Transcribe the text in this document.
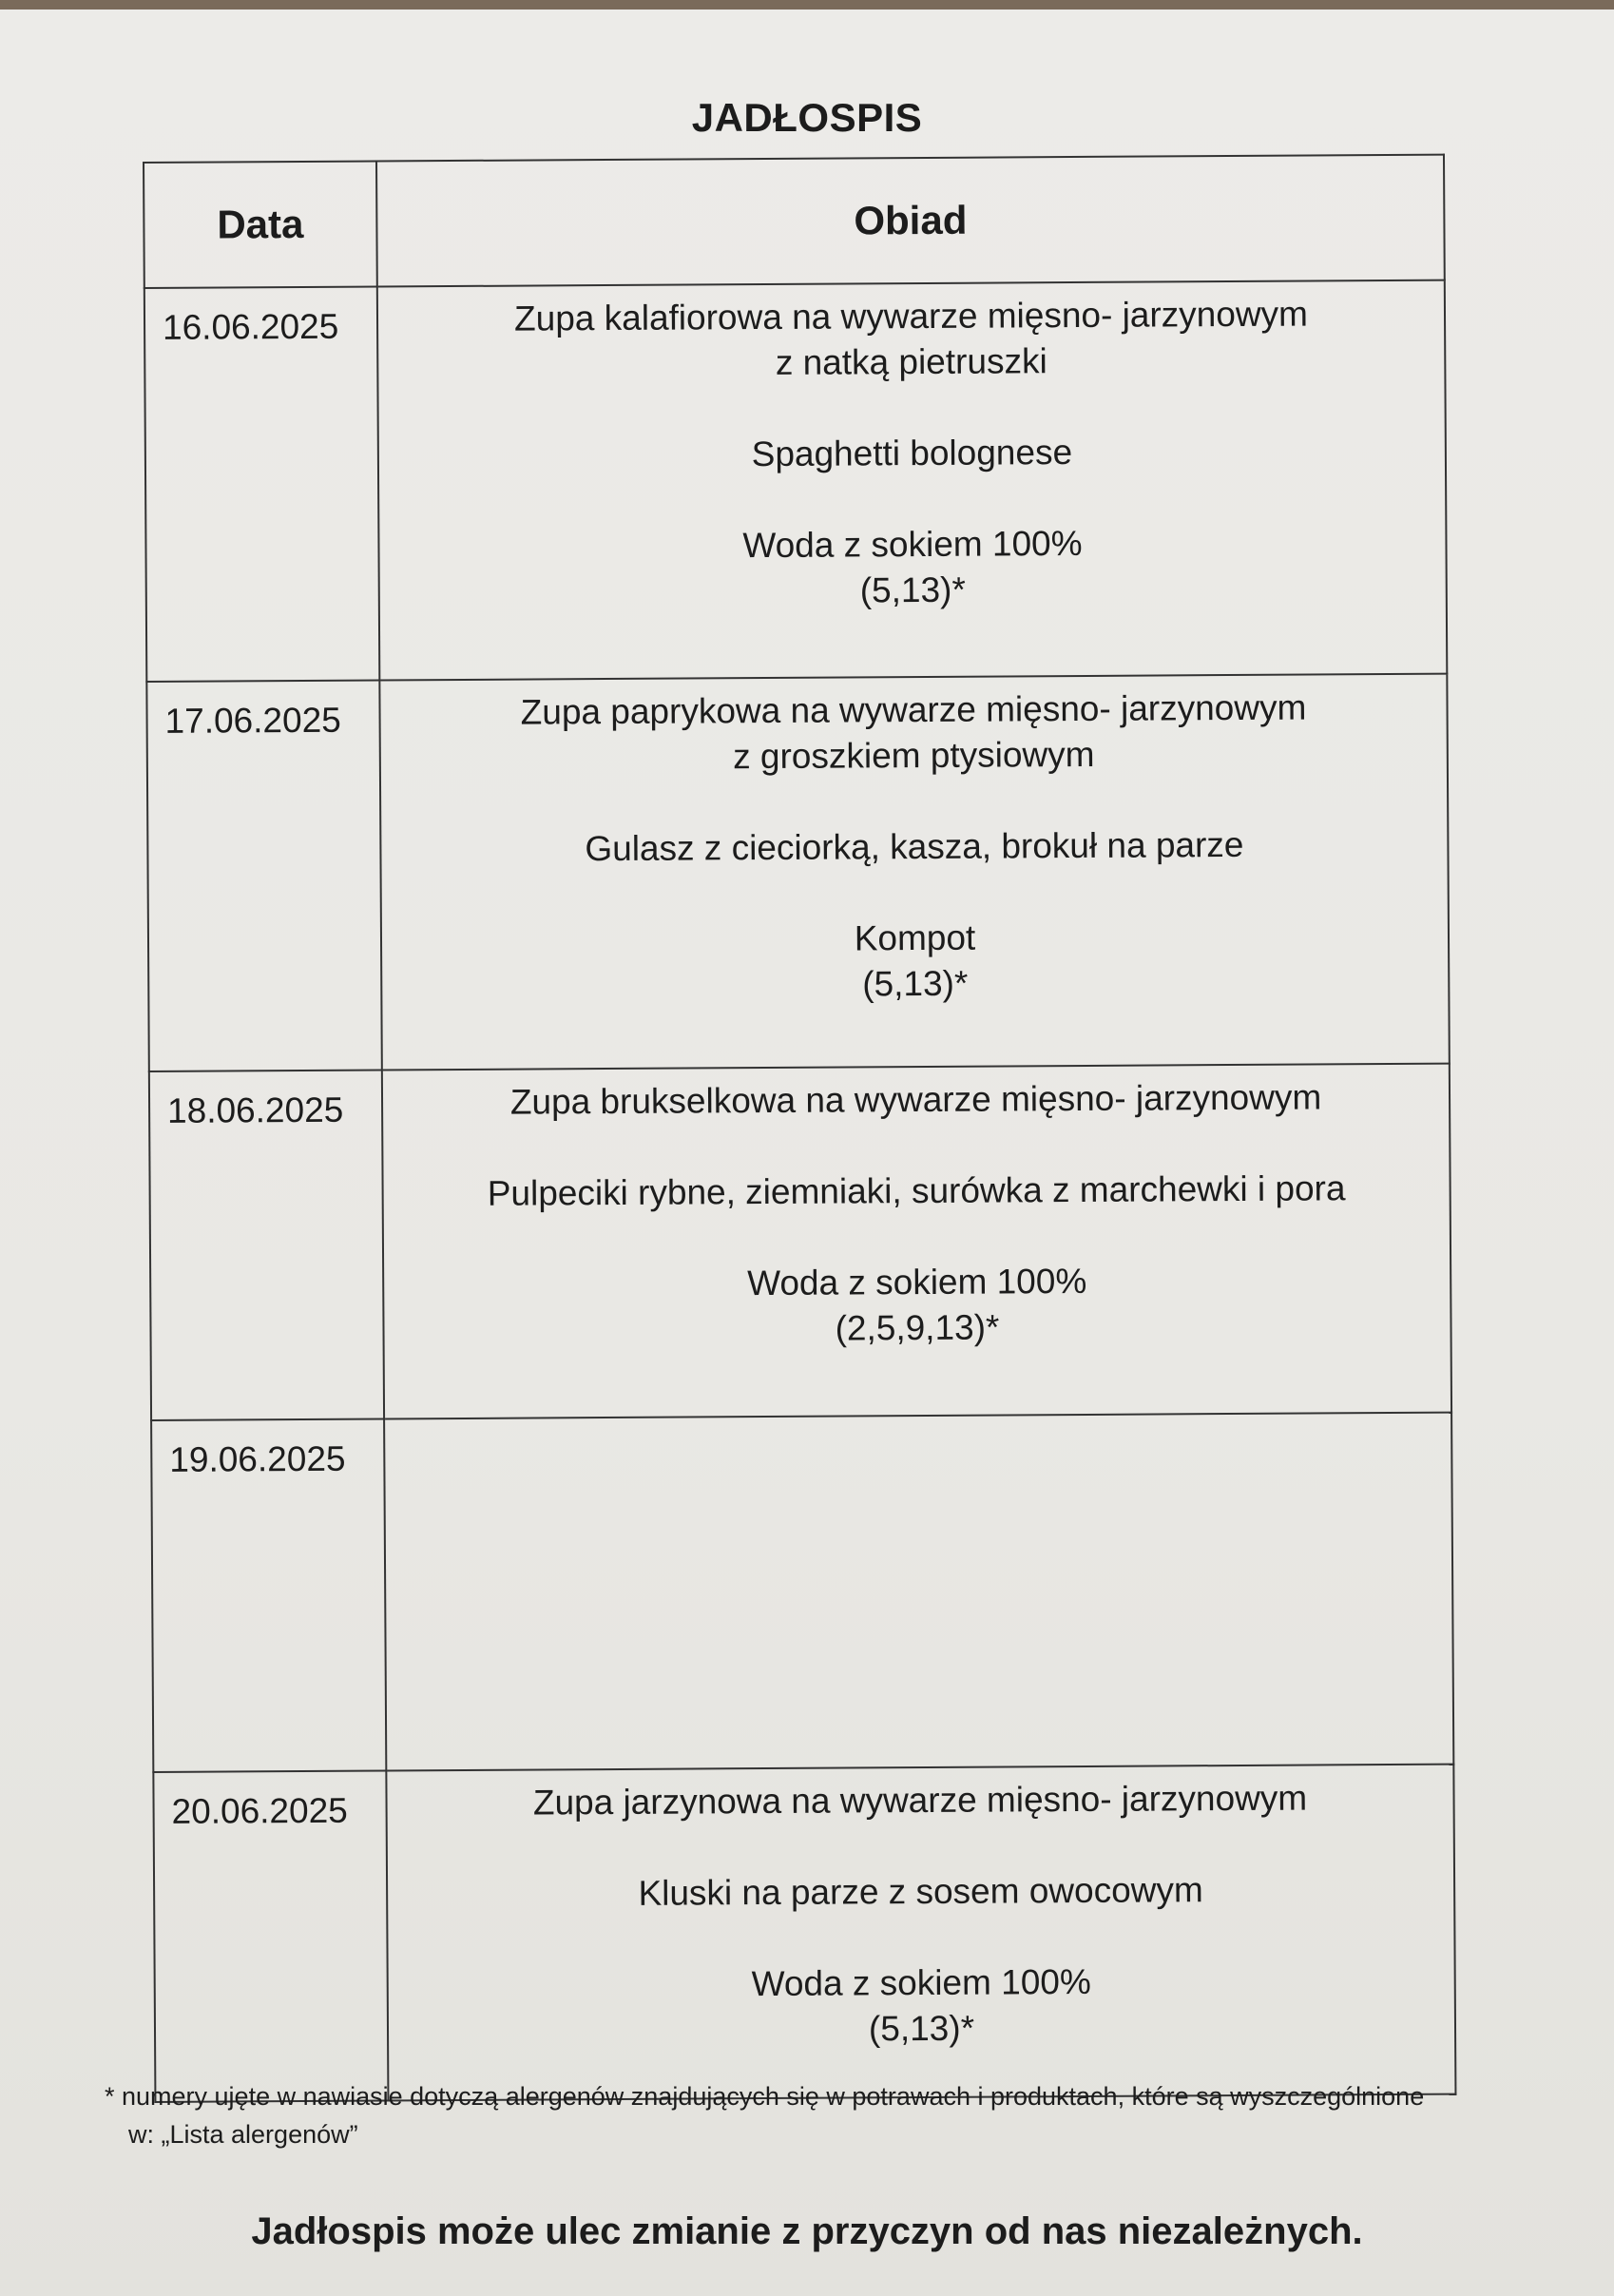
JADŁOSPIS
Data	Obiad
16.06.2025	Zupa kalafiorowa na wywarze mięsno- jarzynowym
z natką pietruszki
Spaghetti bolognese
Woda z sokiem 100%
(5,13)*

17.06.2025	Zupa paprykowa na wywarze mięsno- jarzynowym
z groszkiem ptysiowym
Gulasz z cieciorką, kasza, brokuł na parze
Kompot
(5,13)*

18.06.2025	Zupa brukselkowa na wywarze mięsno- jarzynowym
Pulpeciki rybne, ziemniaki, surówka z marchewki i pora
Woda z sokiem 100%
(2,5,9,13)*

19.06.2025	
20.06.2025	Zupa jarzynowa na wywarze mięsno- jarzynowym
Kluski na parze z sosem owocowym
Woda z sokiem 100%
(5,13)*
* numery ujęte w nawiasie dotyczą alergenów znajdujących się w potrawach i produktach, które są wyszczególnione
w: „Lista alergenów”
Jadłospis może ulec zmianie z przyczyn od nas niezależnych.
